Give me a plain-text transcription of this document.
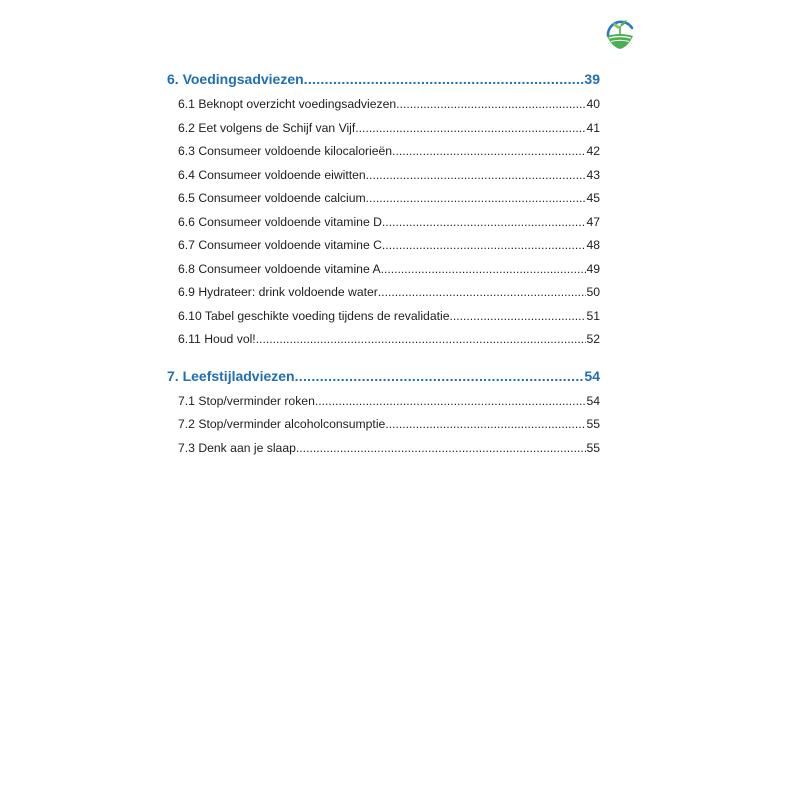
6. Voedingsadviezen .....	39
6.1 Beknopt overzicht voedingsadviezen .....	40
6.2 Eet volgens de Schijf van Vijf .....	41
6.3 Consumeer voldoende kilocalorieën .....	42
6.4 Consumeer voldoende eiwitten .....	43
6.5 Consumeer voldoende calcium .....	45
6.6 Consumeer voldoende vitamine D .....	47
6.7 Consumeer voldoende vitamine C .....	48
6.8 Consumeer voldoende vitamine A .....	49
6.9 Hydrateer: drink voldoende water .....	50
6.10 Tabel geschikte voeding tijdens de revalidatie .....	51
6.11 Houd vol! .....	52
7. Leefstijladviezen .....	54
7.1 Stop/verminder roken .....	54
7.2 Stop/verminder alcoholconsumptie .....	55
7.3 Denk aan je slaap .....	55
